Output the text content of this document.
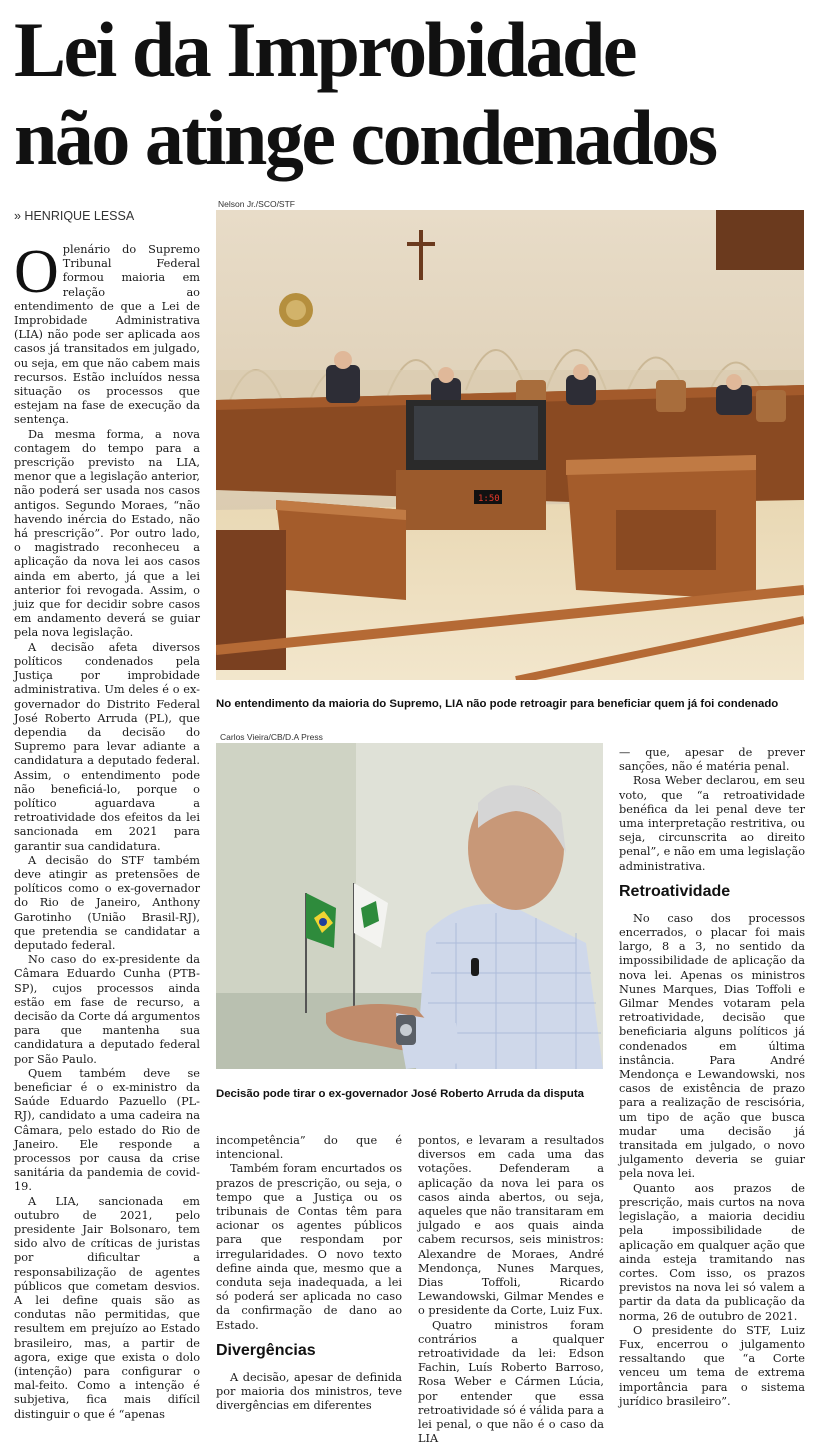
Lei da Improbidade
não atinge condenados
» HENRIQUE LESSA
Nelson Jr./SCO/STF
1:50
No entendimento da maioria do Supremo, LIA não pode retroagir para beneficiar quem já foi condenado
Carlos Vieira/CB/D.A Press
Decisão pode tirar o ex-governador José Roberto Arruda da disputa

Oplenário do Supremo Tribunal Federal formou maioria em relação ao entendimento de que a Lei de Improbidade Administrativa (LIA) não pode ser aplicada aos casos já transitados em julgado, ou seja, em que não cabem mais recursos. Estão incluídos nessa situação os processos que estejam na fase de execução da sentença.

Da mesma forma, a nova contagem do tempo para a prescrição previsto na LIA, menor que a legislação anterior, não poderá ser usada nos casos antigos. Segundo Moraes, “não havendo inércia do Estado, não há prescrição”. Por outro lado, o magistrado reconheceu a aplicação da nova lei aos casos ainda em aberto, já que a lei anterior foi revogada. Assim, o juiz que for decidir sobre casos em andamento deverá se guiar pela nova legislação.

A decisão afeta diversos políticos condenados pela Justiça por improbidade administrativa. Um deles é o ex-governador do Distrito Federal José Roberto Arruda (PL), que dependia da decisão do Supremo para levar adiante a candidatura a deputado federal. Assim, o entendimento pode não beneficiá-lo, porque o político aguardava a retroatividade dos efeitos da lei sancionada em 2021 para garantir sua candidatura.

A decisão do STF também deve atingir as pretensões de políticos como o ex-governador do Rio de Janeiro, Anthony Garotinho (União Brasil-RJ), que pretendia se candidatar a deputado federal.

No caso do ex-presidente da Câmara Eduardo Cunha (PTB-SP), cujos processos ainda estão em fase de recurso, a decisão da Corte dá argumentos para que mantenha sua candidatura a deputado federal por São Paulo.

Quem também deve se beneficiar é o ex-ministro da Saúde Eduardo Pazuello (PL-RJ), candidato a uma cadeira na Câmara, pelo estado do Rio de Janeiro. Ele responde a processos por causa da crise sanitária da pandemia de covid-19.

A LIA, sancionada em outubro de 2021, pelo presidente Jair Bolsonaro, tem sido alvo de críticas de juristas por dificultar a responsabilização de agentes públicos que cometam desvios. A lei define quais são as condutas não permitidas, que resultem em prejuízo ao Estado brasileiro, mas, a partir de agora, exige que exista o dolo (intenção) para configurar o mal-feito. Como a intenção é subjetiva, fica mais difícil distinguir o que é “apenas

incompetência” do que é intencional.

Também foram encurtados os prazos de prescrição, ou seja, o tempo que a Justiça ou os tribunais de Contas têm para acionar os agentes públicos para que respondam por irregularidades. O novo texto define ainda que, mesmo que a conduta seja inadequada, a lei só poderá ser aplicada no caso da confirmação de dano ao Estado.

Divergências

A decisão, apesar de definida por maioria dos ministros, teve divergências em diferentes

pontos, e levaram a resultados diversos em cada uma das votações. Defenderam a aplicação da nova lei para os casos ainda abertos, ou seja, aqueles que não transitaram em julgado e aos quais ainda cabem recursos, seis ministros: Alexandre de Moraes, André Mendonça, Nunes Marques, Dias Toffoli, Ricardo Lewandowski, Gilmar Mendes e o presidente da Corte, Luiz Fux.

Quatro ministros foram contrários a qualquer retroatividade da lei: Edson Fachin, Luís Roberto Barroso, Rosa Weber e Cármen Lúcia, por entender que essa retroatividade só é válida para a lei penal, o que não é o caso da LIA

— que, apesar de prever sanções, não é matéria penal.

Rosa Weber declarou, em seu voto, que “a retroatividade benéfica da lei penal deve ter uma interpretação restritiva, ou seja, circunscrita ao direito penal”, e não em uma legislação administrativa.

Retroatividade

No caso dos processos encerrados, o placar foi mais largo, 8 a 3, no sentido da impossibilidade de aplicação da nova lei. Apenas os ministros Nunes Marques, Dias Toffoli e Gilmar Mendes votaram pela retroatividade, decisão que beneficiaria alguns políticos já condenados em última instância. Para André Mendonça e Lewandowski, nos casos de existência de prazo para a realização de rescisória, um tipo de ação que busca mudar uma decisão já transitada em julgado, o novo julgamento deveria se guiar pela nova lei.

Quanto aos prazos de prescrição, mais curtos na nova legislação, a maioria decidiu pela impossibilidade de aplicação em qualquer ação que ainda esteja tramitando nas cortes. Com isso, os prazos previstos na nova lei só valem a partir da data da publicação da norma, 26 de outubro de 2021.

O presidente do STF, Luiz Fux, encerrou o julgamento ressaltando que “a Corte venceu um tema de extrema importância para o sistema jurídico brasileiro”.
